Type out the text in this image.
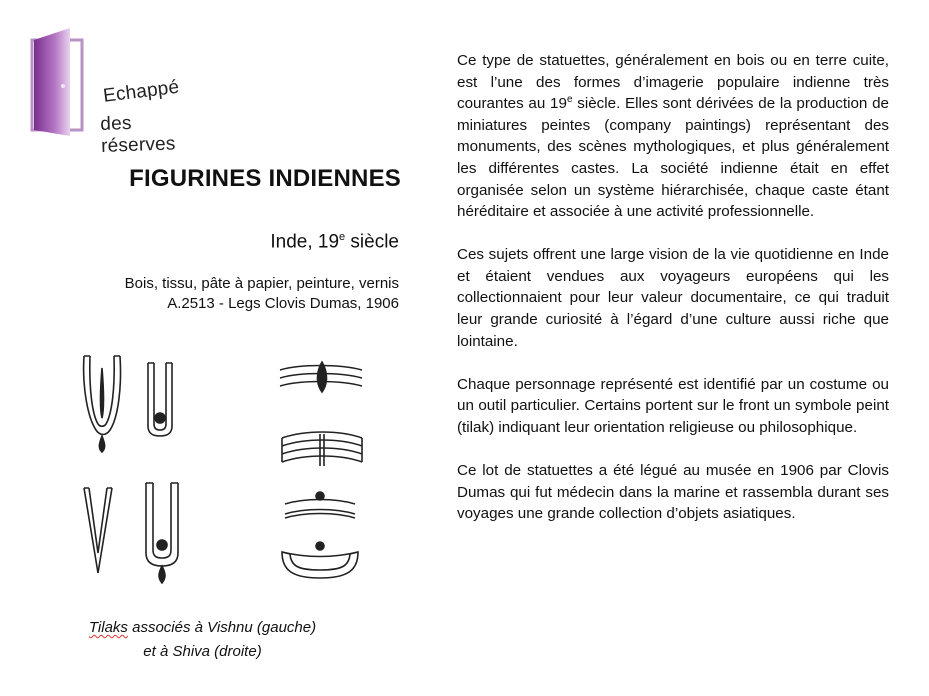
Echappé
des réserves
FIGURINES INDIENNES
Inde, 19e siècle
Bois, tissu, pâte à papier, peinture, vernis
A.2513 - Legs Clovis Dumas, 1906
Tilaks associés à Vishnu (gauche)
et à Shiva (droite)

Ce type de statuettes, généralement en bois ou en terre cuite, est l’une des formes d’imagerie populaire indienne très courantes au 19e siècle. Elles sont dérivées de la production de miniatures peintes (company paintings) représentant des monuments, des scènes mythologiques, et plus généralement les différentes castes. La société indienne était en effet organisée selon un système hiérarchisée, chaque caste étant héréditaire et associée à une activité professionnelle.

Ces sujets offrent une large vision de la vie quotidienne en Inde et étaient vendues aux voyageurs européens qui les collectionnaient pour leur valeur documentaire, ce qui traduit leur grande curiosité à l’égard d’une culture aussi riche que lointaine.

Chaque personnage représenté est identifié par un costume ou un outil particulier. Certains portent sur le front un symbole peint (tilak) indiquant leur orientation religieuse ou philosophique.

Ce lot de statuettes a été légué au musée en 1906 par Clovis Dumas qui fut médecin dans la marine et rassembla durant ses voyages une grande collection d’objets asiatiques.
